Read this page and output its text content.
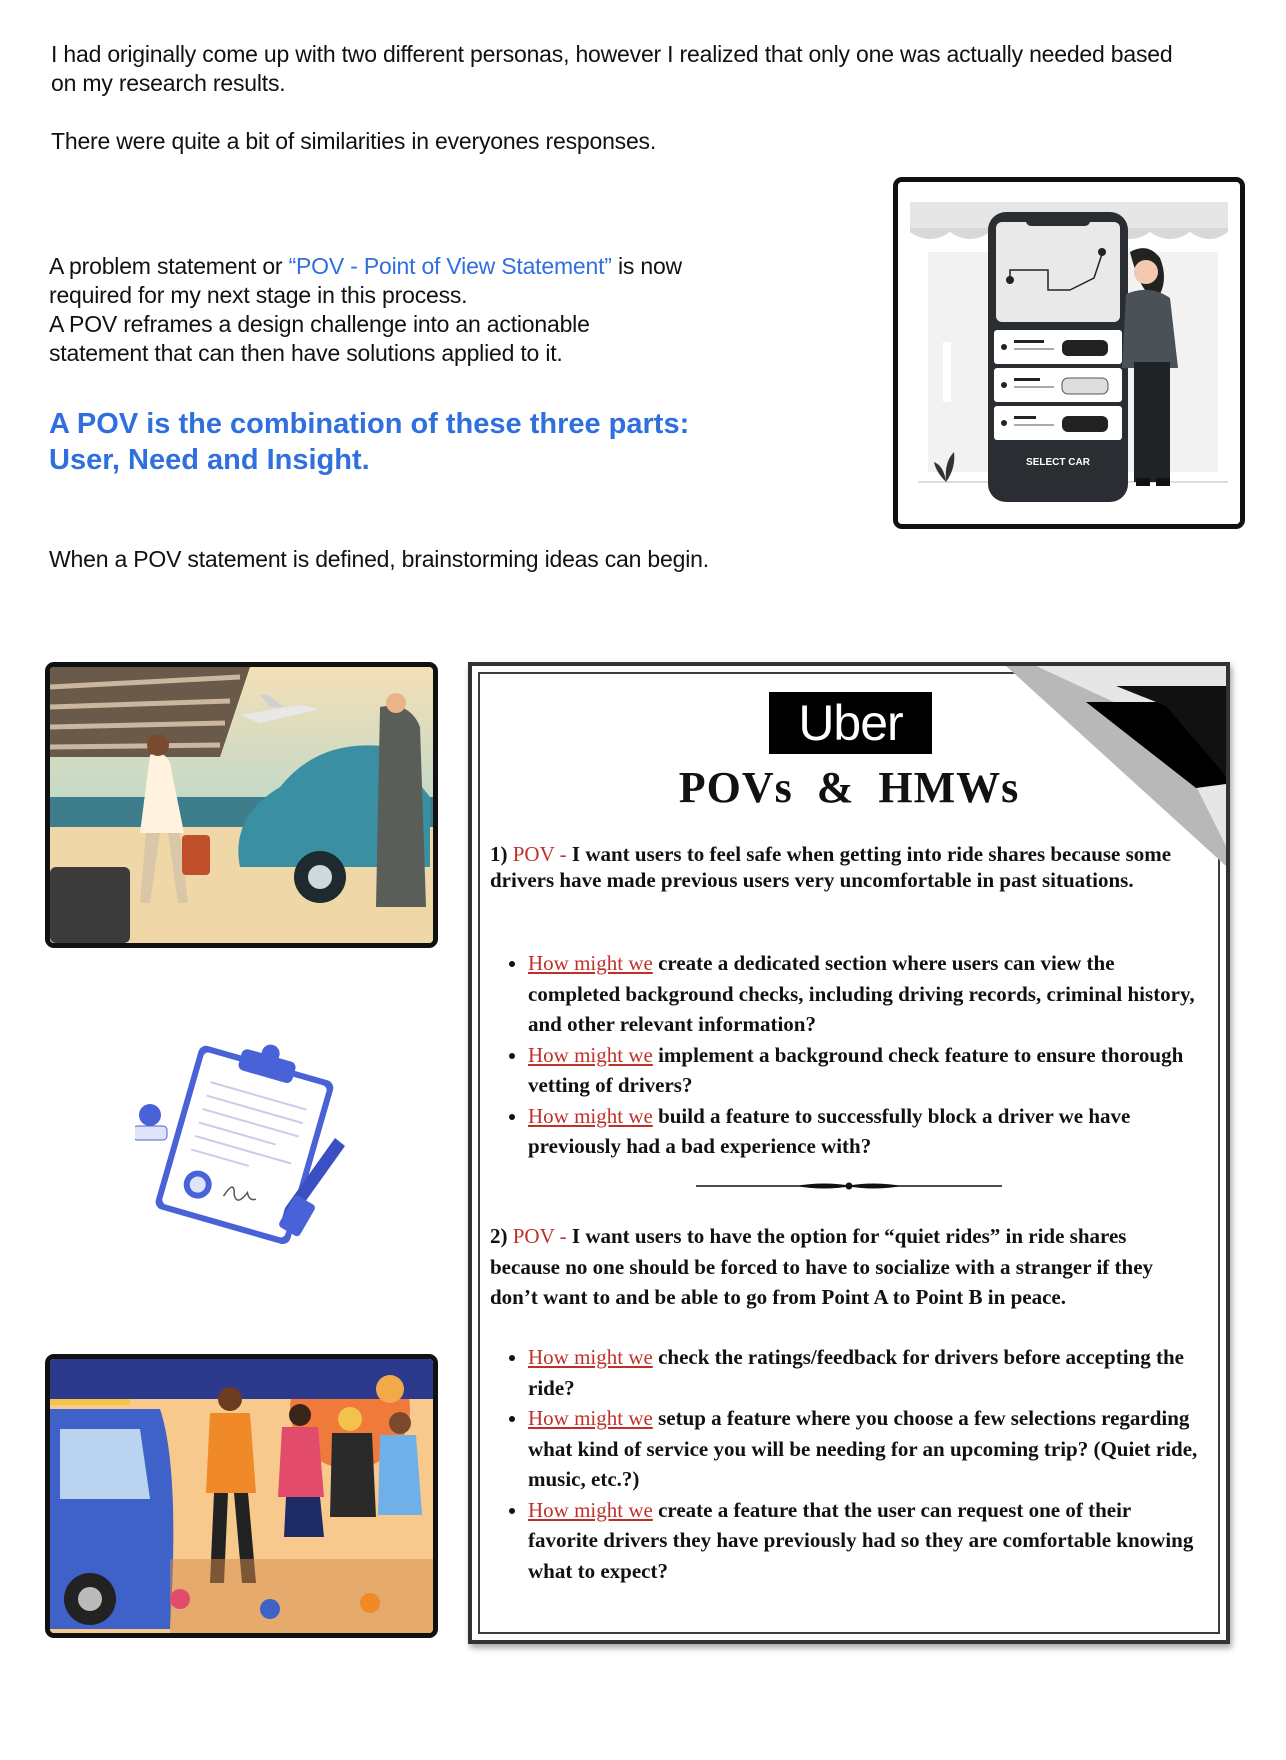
I had originally come up with two different personas, however I realized that only one was actually needed based on my research results.

There were quite a bit of similarities in everyones responses.

A problem statement or “POV - Point of View Statement” is now required for my next stage in this process.

A POV reframes a design challenge into an actionable statement that can then have solutions applied to it.

A POV is the combination of these three parts: User, Need and Insight.

When a POV statement is defined, brainstorming ideas can begin.

SELECT CAR
Uber
POVs  &  HMWs
1) POV - I want users to feel safe when getting into ride shares because some drivers have made previous users very uncomfortable in past situations.
• How might we create a dedicated section where users can view the completed background checks, including driving records, criminal history, and other relevant information?
• How might we implement a background check feature to ensure thorough vetting of drivers?
• How might we build a feature to successfully block a driver we have previously had a bad experience with?
2) POV - I want users to have the option for “quiet rides” in ride shares because no one should be forced to have to socialize with a stranger if they don’t want to and be able to go from Point A to Point B in peace.
• How might we check the ratings/feedback for drivers before accepting the ride?
• How might we setup a feature where you choose a few selections regarding what kind of service you will be needing for an upcoming trip? (Quiet ride, music, etc.?)
• How might we create a feature that the user can request one of their favorite drivers they have previously had so they are comfortable knowing what to expect?
